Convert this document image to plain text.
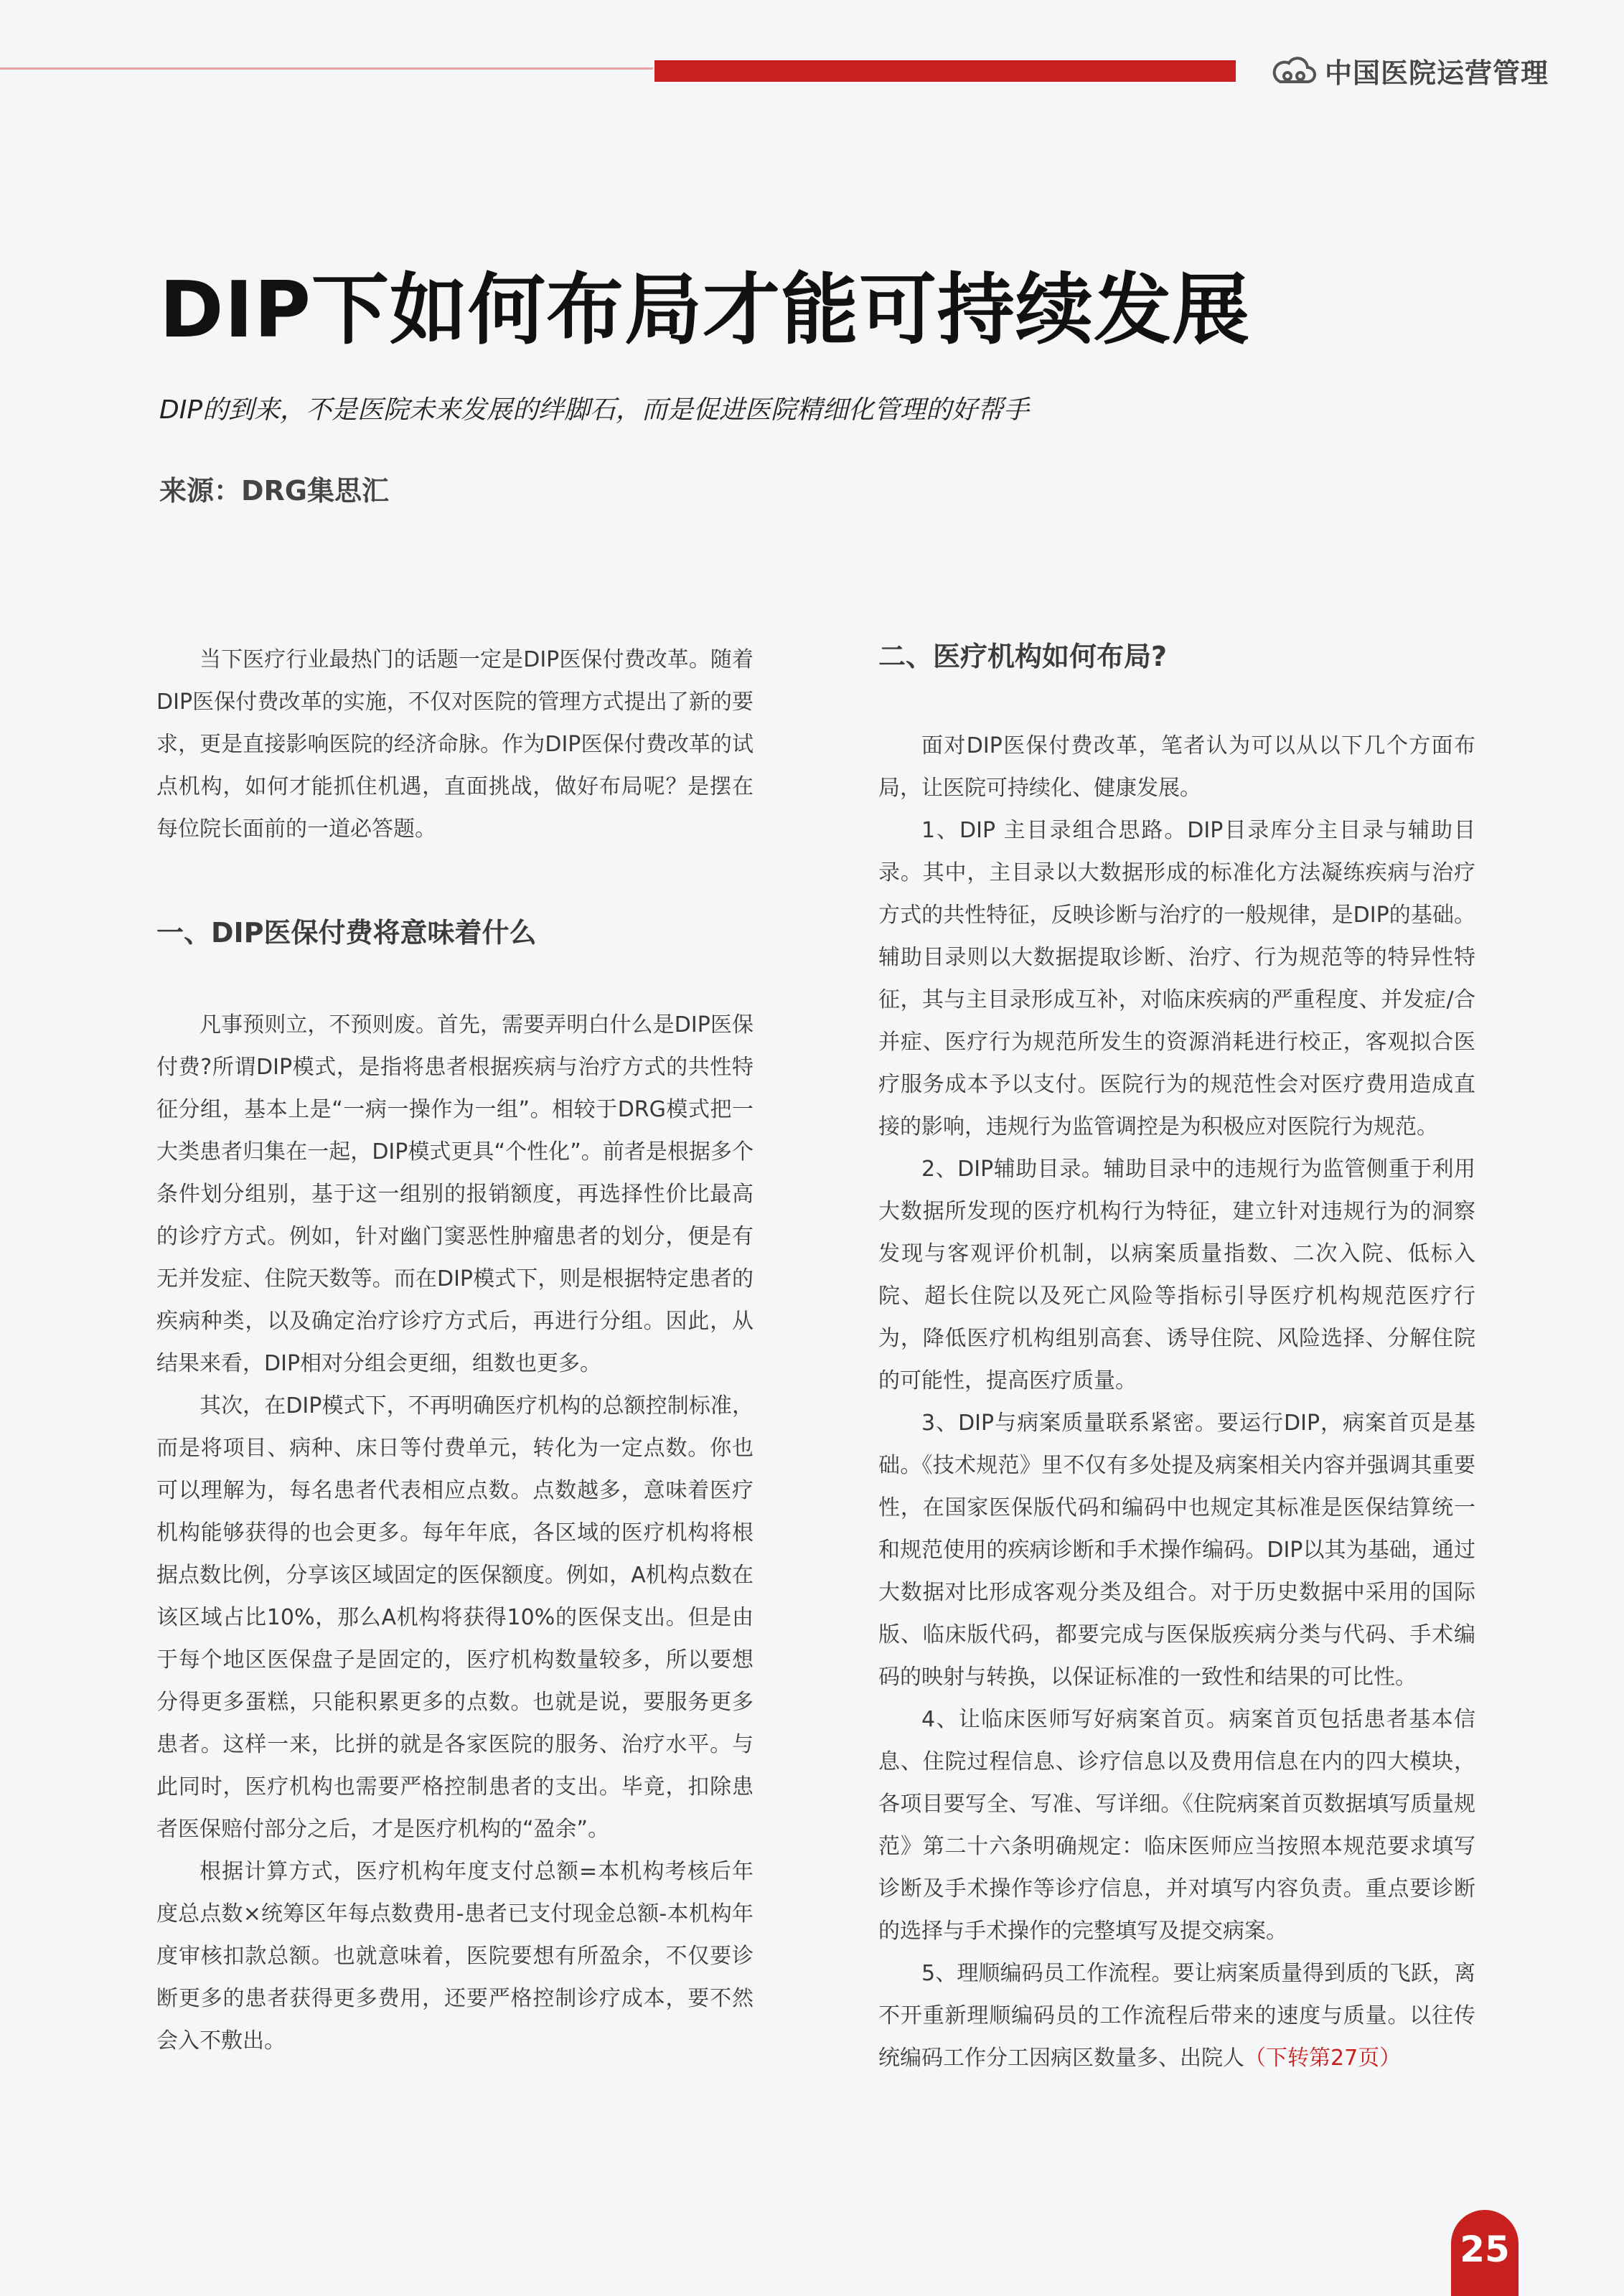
中国医院运营管理
DIP下如何布局才能可持续发展
DIP的到来，不是医院未来发展的绊脚石，而是促进医院精细化管理的好帮手
来源：DRG集思汇

当下医疗行业最热门的话题一定是DIP医保付费改革。随着DIP医保付费改革的实施，不仅对医院的管理方式提出了新的要求，更是直接影响医院的经济命脉。作为DIP医保付费改革的试点机构，如何才能抓住机遇，直面挑战，做好布局呢？是摆在每位院长面前的一道必答题。

一、DIP医保付费将意味着什么

凡事预则立，不预则废。首先，需要弄明白什么是DIP医保付费?所谓DIP模式，是指将患者根据疾病与治疗方式的共性特征分组，基本上是“一病一操作为一组”。相较于DRG模式把一大类患者归集在一起，DIP模式更具“个性化”。前者是根据多个条件划分组别，基于这一组别的报销额度，再选择性价比最高的诊疗方式。例如，针对幽门窦恶性肿瘤患者的划分，便是有无并发症、住院天数等。而在DIP模式下，则是根据特定患者的疾病种类，以及确定治疗诊疗方式后，再进行分组。因此，从结果来看，DIP相对分组会更细，组数也更多。

其次，在DIP模式下，不再明确医疗机构的总额控制标准，而是将项目、病种、床日等付费单元，转化为一定点数。你也可以理解为，每名患者代表相应点数。点数越多，意味着医疗机构能够获得的也会更多。每年年底，各区域的医疗机构将根据点数比例，分享该区域固定的医保额度。例如，A机构点数在该区域占比10%，那么A机构将获得10%的医保支出。但是由于每个地区医保盘子是固定的，医疗机构数量较多，所以要想分得更多蛋糕，只能积累更多的点数。也就是说，要服务更多患者。这样一来，比拼的就是各家医院的服务、治疗水平。与此同时，医疗机构也需要严格控制患者的支出。毕竟，扣除患者医保赔付部分之后，才是医疗机构的“盈余”。

根据计算方式，医疗机构年度支付总额=本机构考核后年度总点数×统筹区年每点数费用-患者已支付现金总额-本机构年度审核扣款总额。也就意味着，医院要想有所盈余，不仅要诊断更多的患者获得更多费用，还要严格控制诊疗成本，要不然会入不敷出。

二、医疗机构如何布局?

面对DIP医保付费改革，笔者认为可以从以下几个方面布局，让医院可持续化、健康发展。

1、DIP 主目录组合思路。DIP目录库分主目录与辅助目录。其中，主目录以大数据形成的标准化方法凝练疾病与治疗方式的共性特征，反映诊断与治疗的一般规律，是DIP的基础。辅助目录则以大数据提取诊断、治疗、行为规范等的特异性特征，其与主目录形成互补，对临床疾病的严重程度、并发症/合并症、医疗行为规范所发生的资源消耗进行校正，客观拟合医疗服务成本予以支付。医院行为的规范性会对医疗费用造成直接的影响，违规行为监管调控是为积极应对医院行为规范。

2、DIP辅助目录。辅助目录中的违规行为监管侧重于利用大数据所发现的医疗机构行为特征，建立针对违规行为的洞察发现与客观评价机制，以病案质量指数、二次入院、低标入院、超长住院以及死亡风险等指标引导医疗机构规范医疗行为，降低医疗机构组别高套、诱导住院、风险选择、分解住院的可能性，提高医疗质量。

3、DIP与病案质量联系紧密。要运行DIP，病案首页是基础。《技术规范》里不仅有多处提及病案相关内容并强调其重要性，在国家医保版代码和编码中也规定其标准是医保结算统一和规范使用的疾病诊断和手术操作编码。DIP以其为基础，通过大数据对比形成客观分类及组合。对于历史数据中采用的国际版、临床版代码，都要完成与医保版疾病分类与代码、手术编码的映射与转换，以保证标准的一致性和结果的可比性。

4、让临床医师写好病案首页。病案首页包括患者基本信息、住院过程信息、诊疗信息以及费用信息在内的四大模块，各项目要写全、写准、写详细。《住院病案首页数据填写质量规范》第二十六条明确规定：临床医师应当按照本规范要求填写诊断及手术操作等诊疗信息，并对填写内容负责。重点要诊断的选择与手术操作的完整填写及提交病案。

5、理顺编码员工作流程。要让病案质量得到质的飞跃，离不开重新理顺编码员的工作流程后带来的速度与质量。以往传统编码工作分工因病区数量多、出院人（下转第27页）

25
